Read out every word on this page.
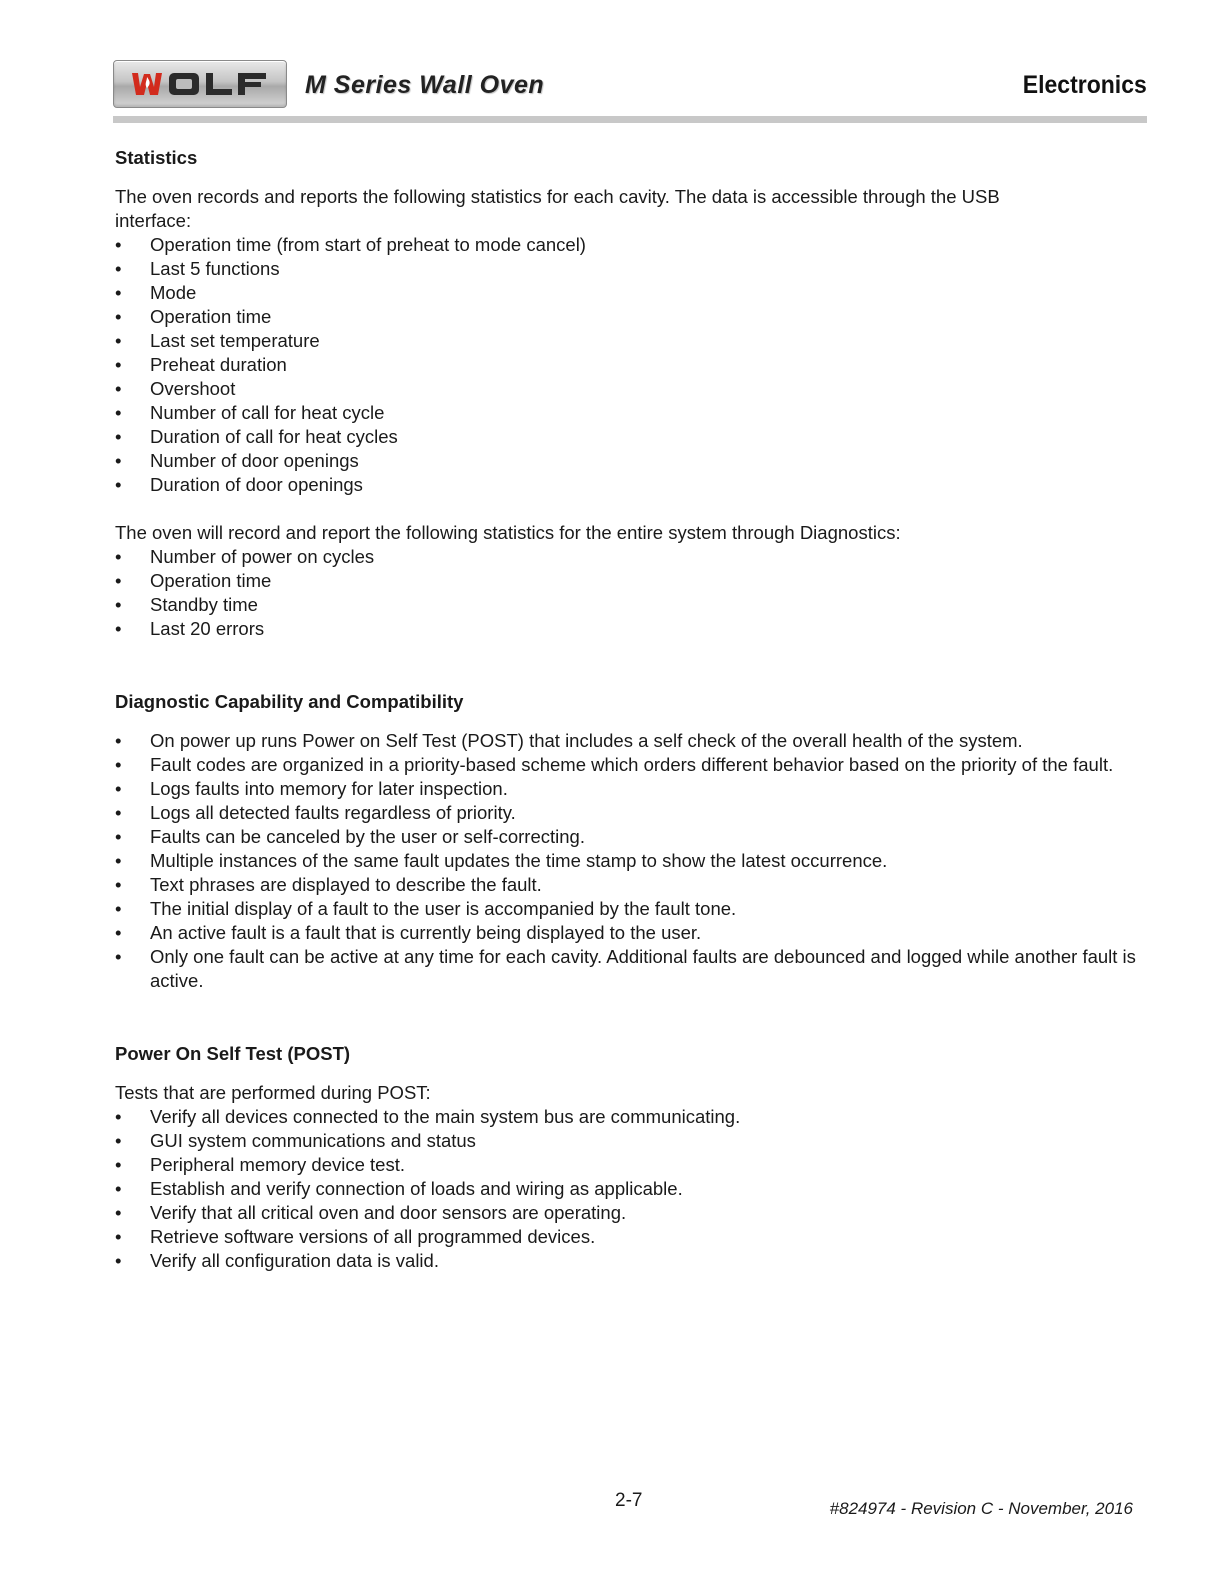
M Series Wall Oven	Electronics
Statistics

The oven records and reports the following statistics for each cavity. The data is accessible through the USB interface:

• Operation time (from start of preheat to mode cancel)
• Last 5 functions
• Mode
• Operation time
• Last set temperature
• Preheat duration
• Overshoot
• Number of call for heat cycle
• Duration of call for heat cycles
• Number of door openings
• Duration of door openings

The oven will record and report the following statistics for the entire system through Diagnostics:

• Number of power on cycles
• Operation time
• Standby time
• Last 20 errors
Diagnostic Capability and Compatibility
• On power up runs Power on Self Test (POST) that includes a self check of the overall health of the system.
• Fault codes are organized in a priority-based scheme which orders different behavior based on the priority of the fault.
• Logs faults into memory for later inspection.
• Logs all detected faults regardless of priority.
• Faults can be canceled by the user or self-correcting.
• Multiple instances of the same fault updates the time stamp to show the latest occurrence.
• Text phrases are displayed to describe the fault.
• The initial display of a fault to the user is accompanied by the fault tone.
• An active fault is a fault that is currently being displayed to the user.
• Only one fault can be active at any time for each cavity. Additional faults are debounced and logged while another fault is active.
Power On Self Test (POST)

Tests that are performed during POST:

• Verify all devices connected to the main system bus are communicating.
• GUI system communications and status
• Peripheral memory device test.
• Establish and verify connection of loads and wiring as applicable.
• Verify that all critical oven and door sensors are operating.
• Retrieve software versions of all programmed devices.
• Verify all configuration data is valid.
2-7	#824974 - Revision C - November, 2016
